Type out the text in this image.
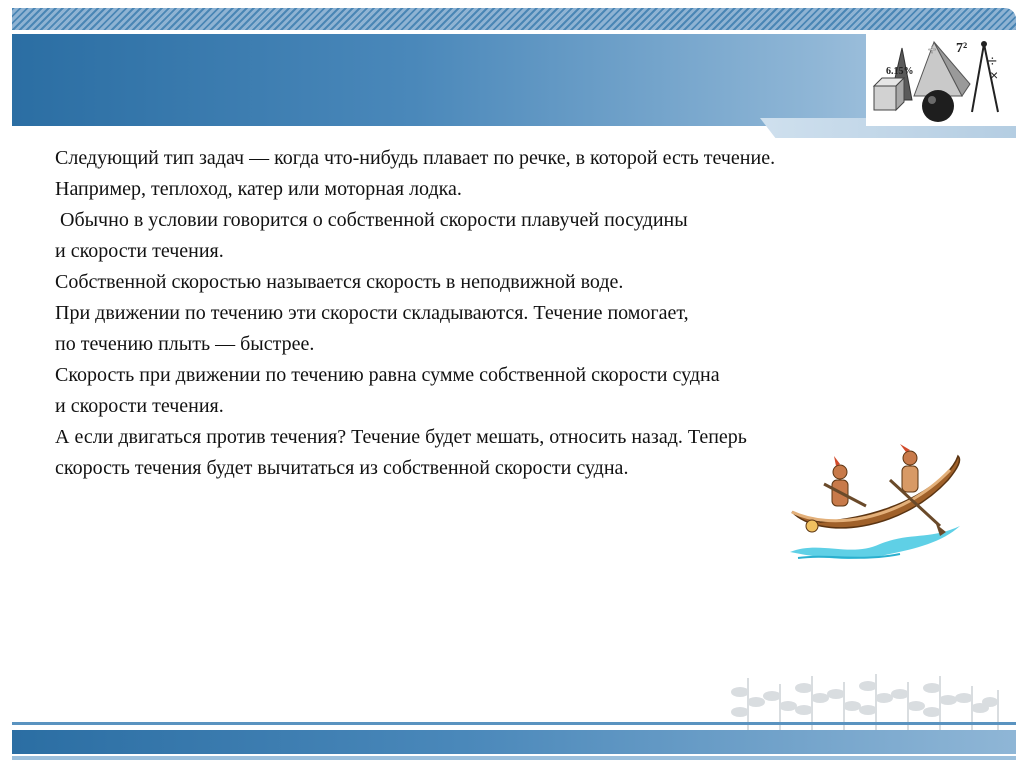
+
÷
×
6.15%
7²

Следующий тип задач — когда что-нибудь плавает по речке, в которой есть течение.

Например, теплоход, катер или моторная лодка.

Обычно в условии говорится о собственной скорости плавучей посудины

и скорости течения.

Собственной скоростью называется скорость в неподвижной воде.

При движении по течению эти скорости складываются. Течение помогает,

по течению плыть — быстрее.

Скорость при движении по течению равна сумме собственной скорости судна

и скорости течения.

А если двигаться против течения? Течение будет мешать, относить назад. Теперь

скорость течения будет вычитаться из собственной скорости судна.
